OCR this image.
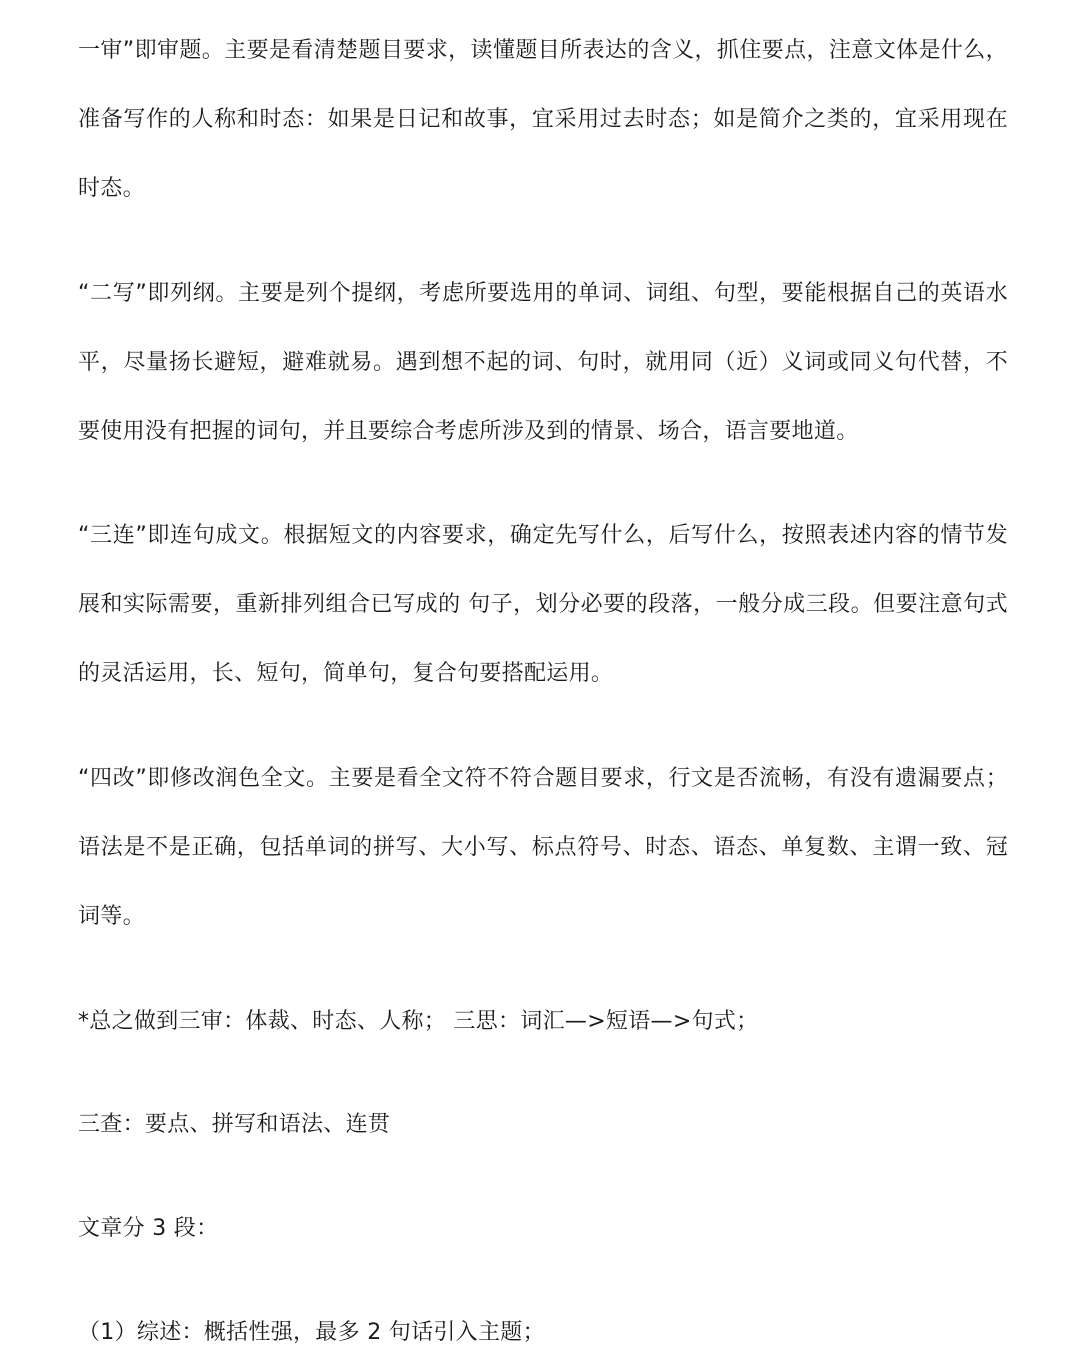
一审”即审题。主要是看清楚题目要求，读懂题目所表达的含义，抓住要点，注意文体是什么，准备写作的人称和时态：如果是日记和故事，宜采用过去时态；如是简介之类的，宜采用现在时态。

“二写”即列纲。主要是列个提纲，考虑所要选用的单词、词组、句型，要能根据自己的英语水平，尽量扬长避短，避难就易。遇到想不起的词、句时，就用同（近）义词或同义句代替，不要使用没有把握的词句，并且要综合考虑所涉及到的情景、场合，语言要地道。

“三连”即连句成文。根据短文的内容要求，确定先写什么，后写什么，按照表述内容的情节发展和实际需要，重新排列组合已写成的 句子，划分必要的段落，一般分成三段。但要注意句式的灵活运用，长、短句，简单句，复合句要搭配运用。

“四改”即修改润色全文。主要是看全文符不符合题目要求，行文是否流畅，有没有遗漏要点；语法是不是正确，包括单词的拼写、大小写、标点符号、时态、语态、单复数、主谓一致、冠词等。

*总之做到三审：体裁、时态、人称； 三思：词汇—>短语—>句式；

三查：要点、拼写和语法、连贯

文章分 3 段：

（1）综述：概括性强，最多 2 句话引入主题；
